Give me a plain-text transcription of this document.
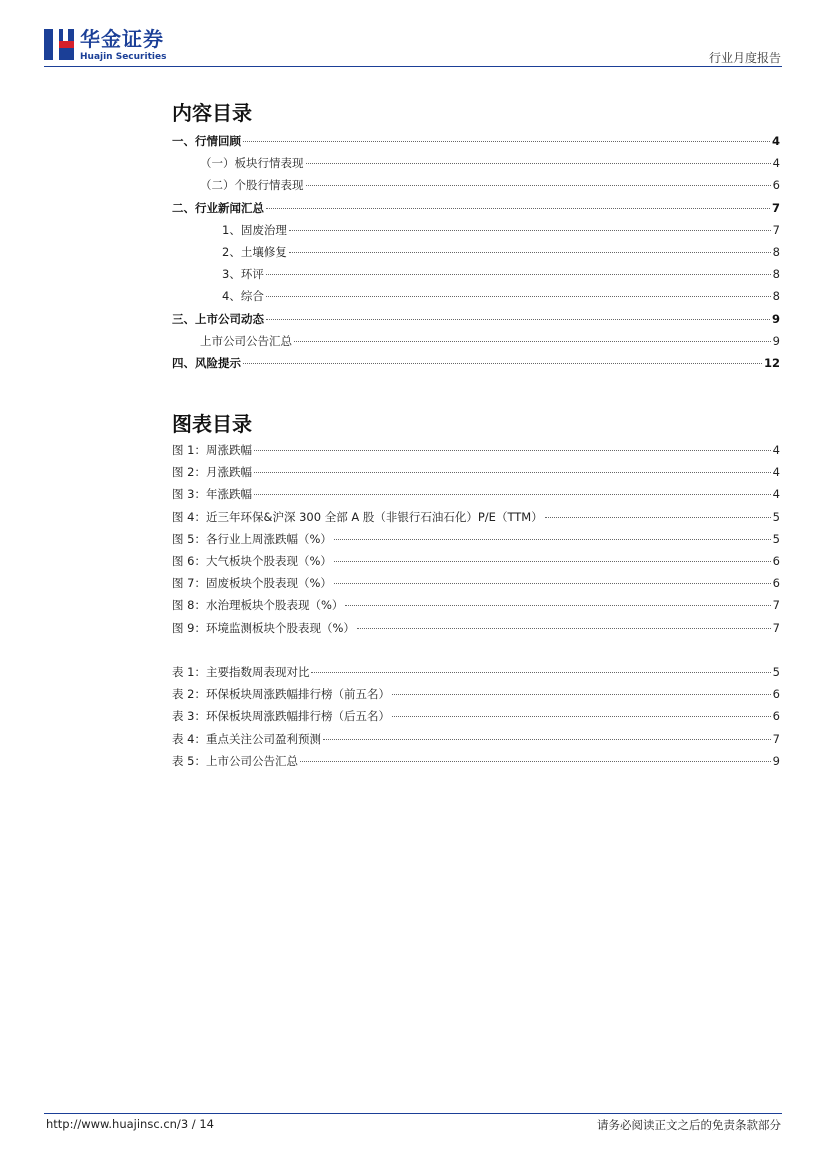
华金证券
Huajin Securities	行业月度报告
内容目录
一、行情回顾	4
（一）板块行情表现	4
（二）个股行情表现	6
二、行业新闻汇总	7
1、固废治理	7
2、土壤修复	8
3、环评	8
4、综合	8
三、上市公司动态	9
上市公司公告汇总	9
四、风险提示	12
图表目录
图 1：周涨跌幅	4
图 2：月涨跌幅	4
图 3：年涨跌幅	4
图 4：近三年环保&沪深 300 全部 A 股（非银行石油石化）P/E（TTM）	5
图 5：各行业上周涨跌幅（%）	5
图 6：大气板块个股表现（%）	6
图 7：固废板块个股表现（%）	6
图 8：水治理板块个股表现（%）	7
图 9：环境监测板块个股表现（%）	7
表 1：主要指数周表现对比	5
表 2：环保板块周涨跌幅排行榜（前五名）	6
表 3：环保板块周涨跌幅排行榜（后五名）	6
表 4：重点关注公司盈利预测	7
表 5：上市公司公告汇总	9
http://www.huajinsc.cn/3 / 14	请务必阅读正文之后的免责条款部分
